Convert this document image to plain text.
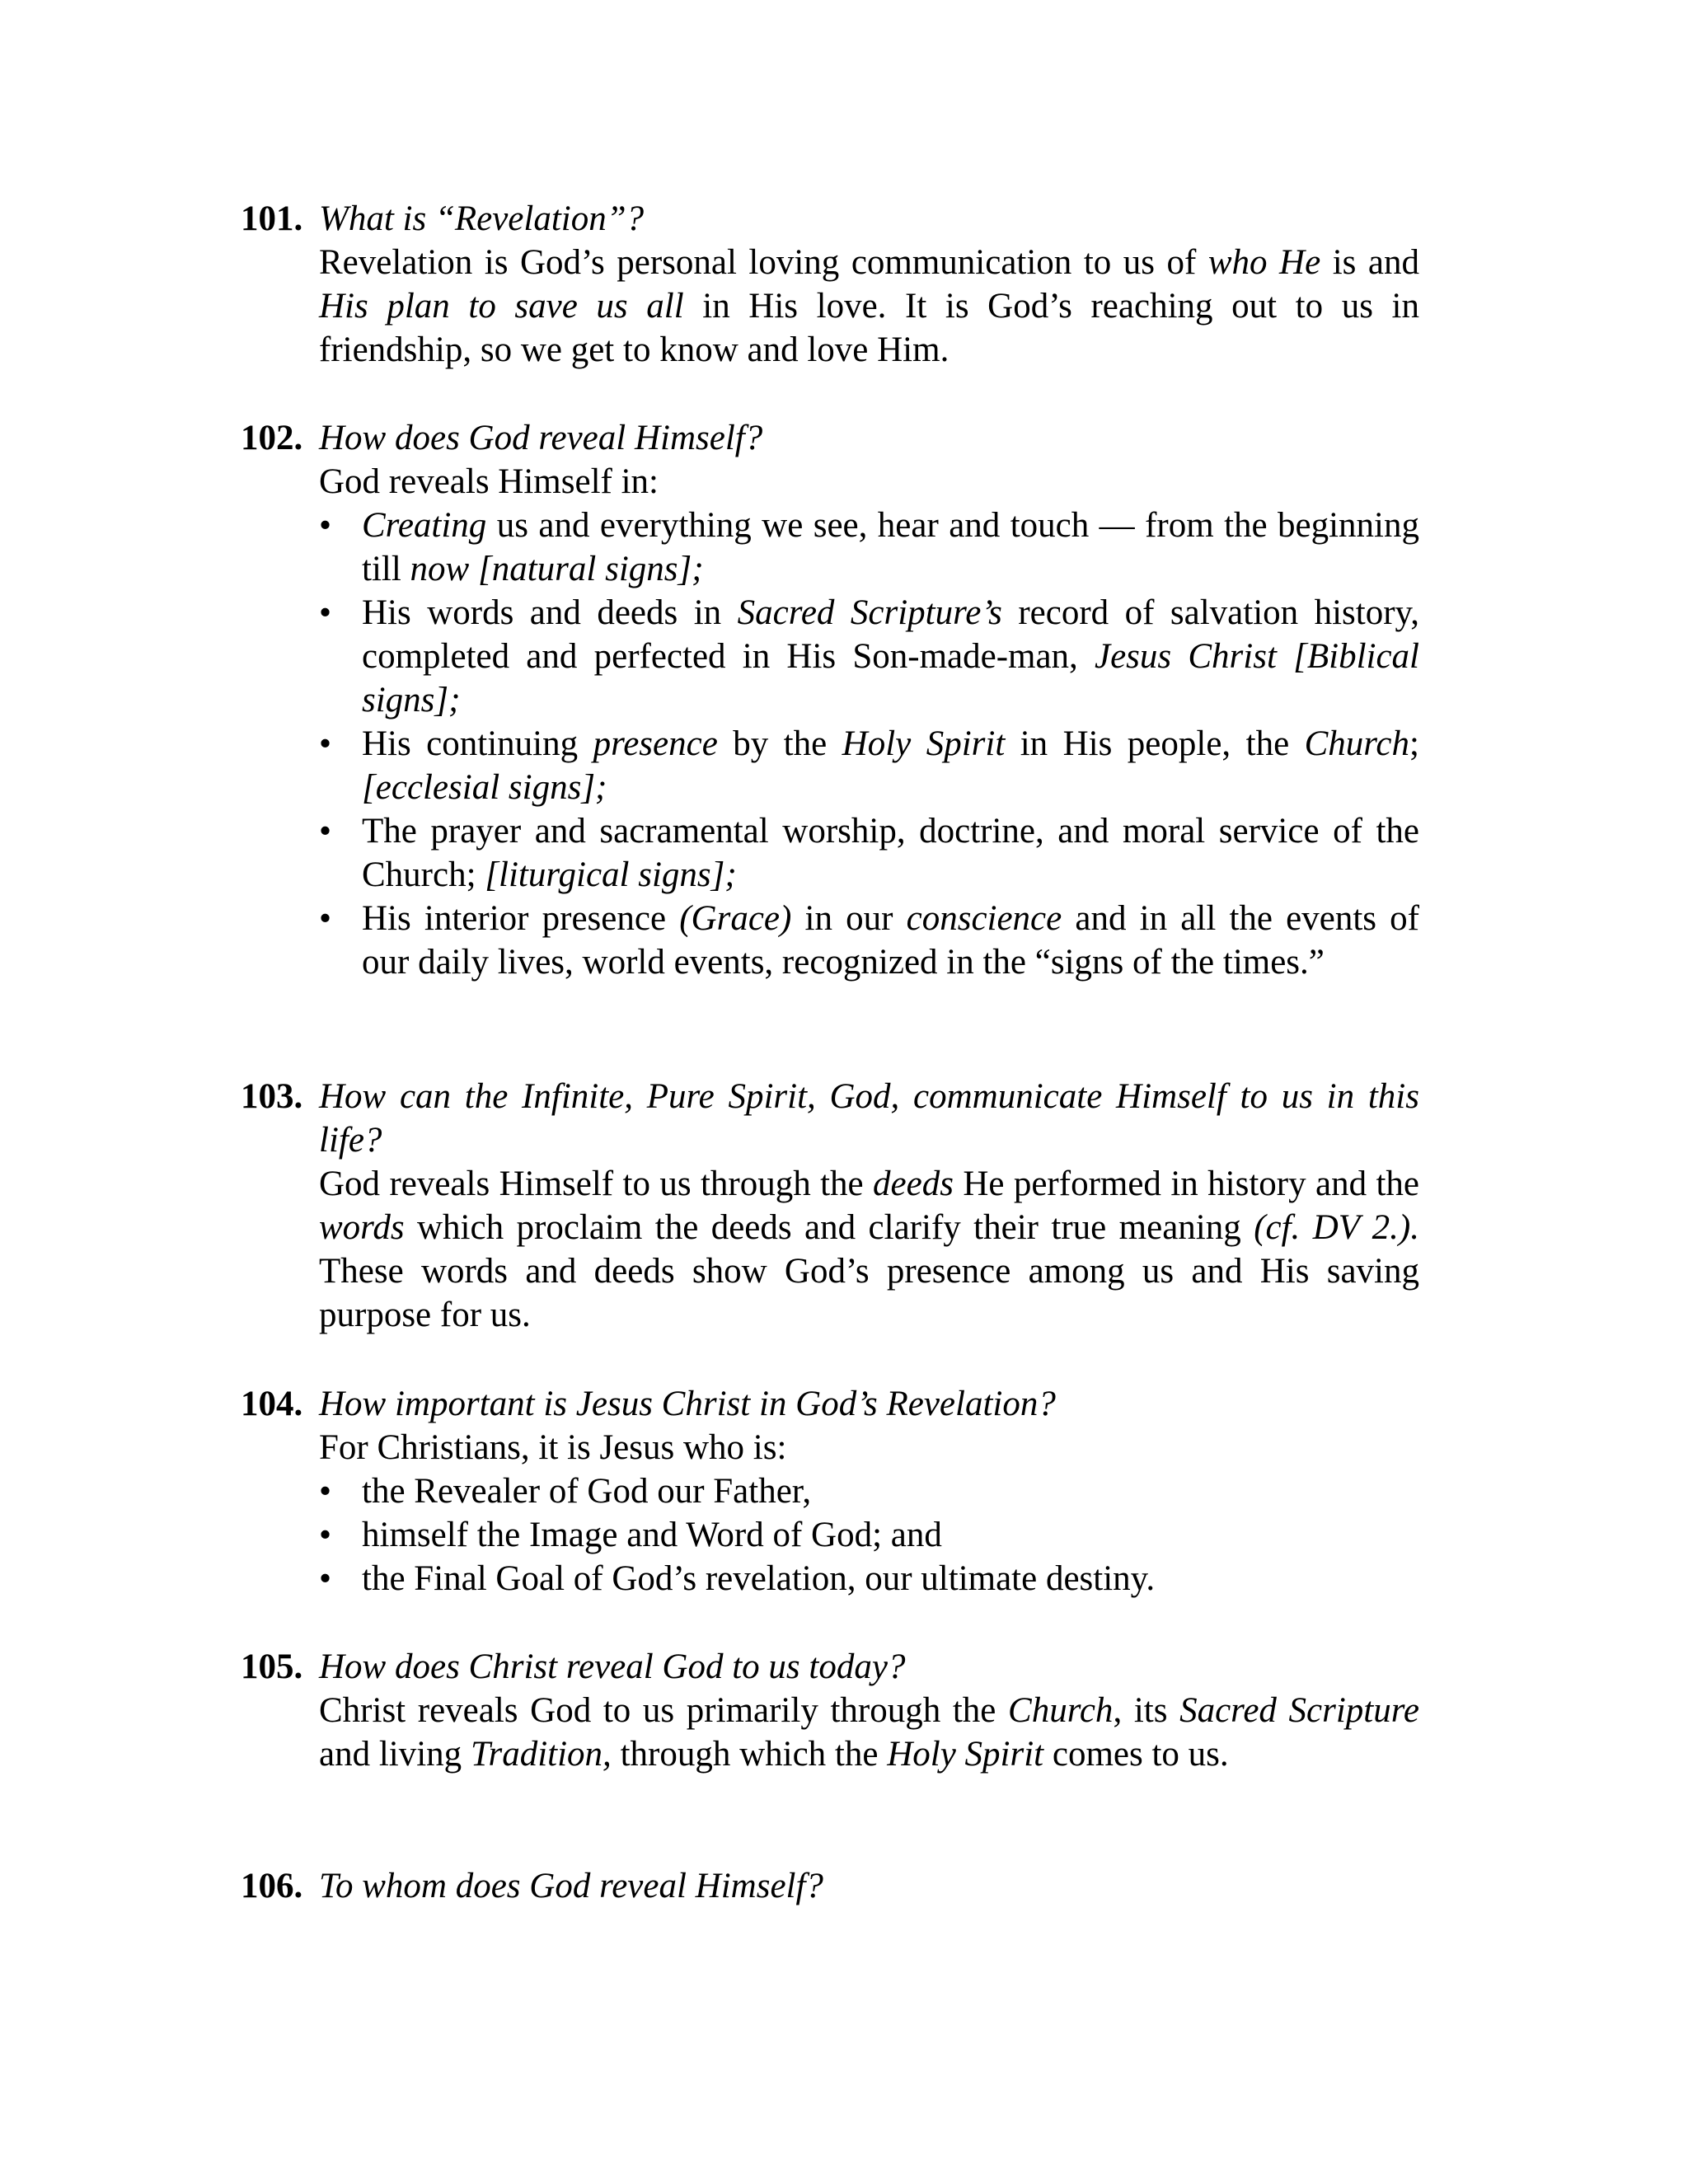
101. What is “Revelation”?
Revelation is God’s personal loving communication to us of who He is and His plan to save us all in His love. It is God’s reaching out to us in friendship, so we get to know and love Him.
102. How does God reveal Himself?
God reveals Himself in:
• Creating us and everything we see, hear and touch — from the beginning till now [natural signs];
• His words and deeds in Sacred Scripture’s record of salvation history, completed and perfected in His Son-made-man, Jesus Christ [Biblical signs];
• His continuing presence by the Holy Spirit in His people, the Church; [ecclesial signs];
• The prayer and sacramental worship, doctrine, and moral service of the Church; [liturgical signs];
• His interior presence (Grace) in our conscience and in all the events of our daily lives, world events, recognized in the “signs of the times.”
103. How can the Infinite, Pure Spirit, God, communicate Himself to us in this life?
God reveals Himself to us through the deeds He performed in history and the words which proclaim the deeds and clarify their true meaning (cf. DV 2.). These words and deeds show God’s presence among us and His saving purpose for us.
104. How important is Jesus Christ in God’s Revelation?
For Christians, it is Jesus who is:
• the Revealer of God our Father,
• himself the Image and Word of God; and
• the Final Goal of God’s revelation, our ultimate destiny.
105. How does Christ reveal God to us today?
Christ reveals God to us primarily through the Church, its Sacred Scripture and living Tradition, through which the Holy Spirit comes to us.
106. To whom does God reveal Himself?
